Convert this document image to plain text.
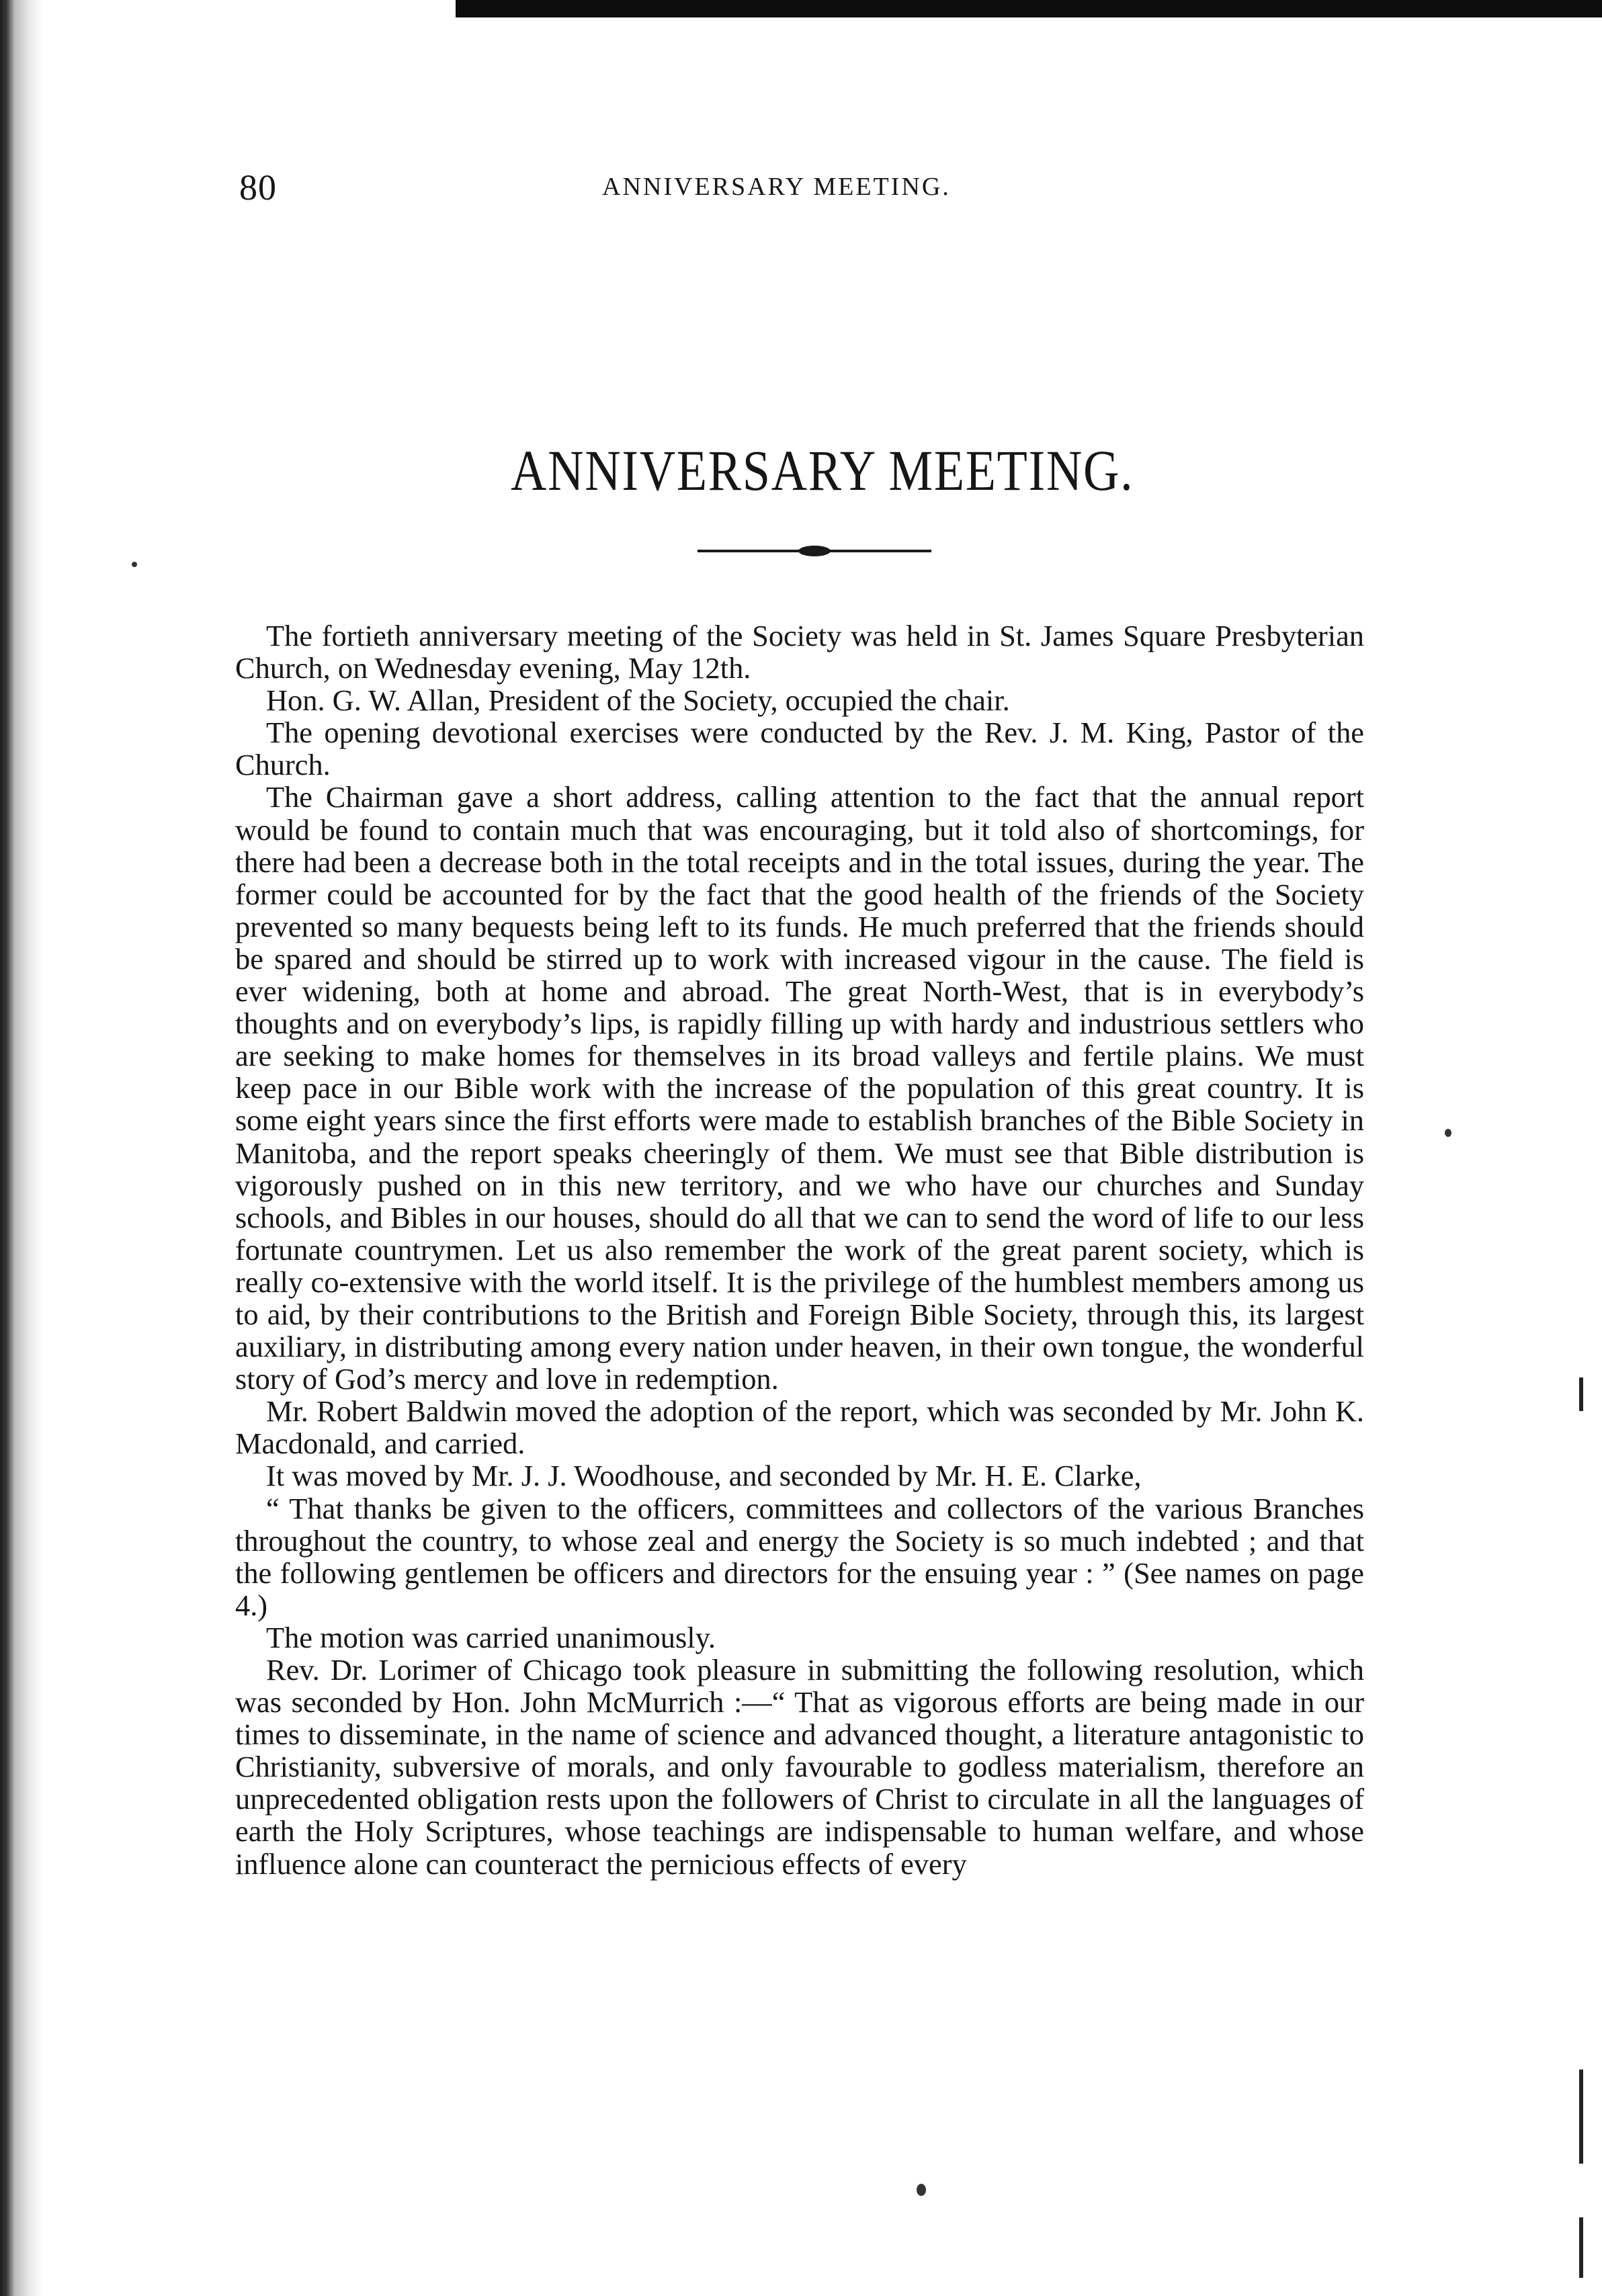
80	ANNIVERSARY MEETING.
ANNIVERSARY MEETING.

The fortieth anniversary meeting of the Society was held in St. James Square Presbyterian Church, on Wednesday evening, May 12th.

Hon. G. W. Allan, President of the Society, occupied the chair.

The opening devotional exercises were conducted by the Rev. J. M. King, Pastor of the Church.

The Chairman gave a short address, calling attention to the fact that the annual report would be found to contain much that was encouraging, but it told also of shortcomings, for there had been a decrease both in the total receipts and in the total issues, during the year. The former could be accounted for by the fact that the good health of the friends of the Society prevented so many bequests being left to its funds. He much preferred that the friends should be spared and should be stirred up to work with increased vigour in the cause. The field is ever widening, both at home and abroad. The great North-West, that is in everybody’s thoughts and on everybody’s lips, is rapidly filling up with hardy and industrious settlers who are seeking to make homes for themselves in its broad valleys and fertile plains. We must keep pace in our Bible work with the increase of the population of this great country. It is some eight years since the first efforts were made to establish branches of the Bible Society in Manitoba, and the report speaks cheeringly of them. We must see that Bible distribution is vigorously pushed on in this new territory, and we who have our churches and Sunday schools, and Bibles in our houses, should do all that we can to send the word of life to our less fortunate countrymen. Let us also remember the work of the great parent society, which is really co-extensive with the world itself. It is the privilege of the humblest members among us to aid, by their contributions to the British and Foreign Bible Society, through this, its largest auxiliary, in distributing among every nation under heaven, in their own tongue, the wonderful story of God’s mercy and love in redemption.

Mr. Robert Baldwin moved the adoption of the report, which was seconded by Mr. John K. Macdonald, and carried.

It was moved by Mr. J. J. Woodhouse, and seconded by Mr. H. E. Clarke,

“ That thanks be given to the officers, committees and collectors of the various Branches throughout the country, to whose zeal and energy the Society is so much indebted ; and that the following gentlemen be officers and directors for the ensuing year : ” (See names on page 4.)

The motion was carried unanimously.

Rev. Dr. Lorimer of Chicago took pleasure in submitting the following resolution, which was seconded by Hon. John McMurrich :—“ That as vigorous efforts are being made in our times to disseminate, in the name of science and advanced thought, a literature antagonistic to Christianity, subversive of morals, and only favourable to godless materialism, therefore an unprecedented obligation rests upon the followers of Christ to circulate in all the languages of earth the Holy Scriptures, whose teachings are indispensable to human welfare, and whose influence alone can counteract the pernicious effects of every
